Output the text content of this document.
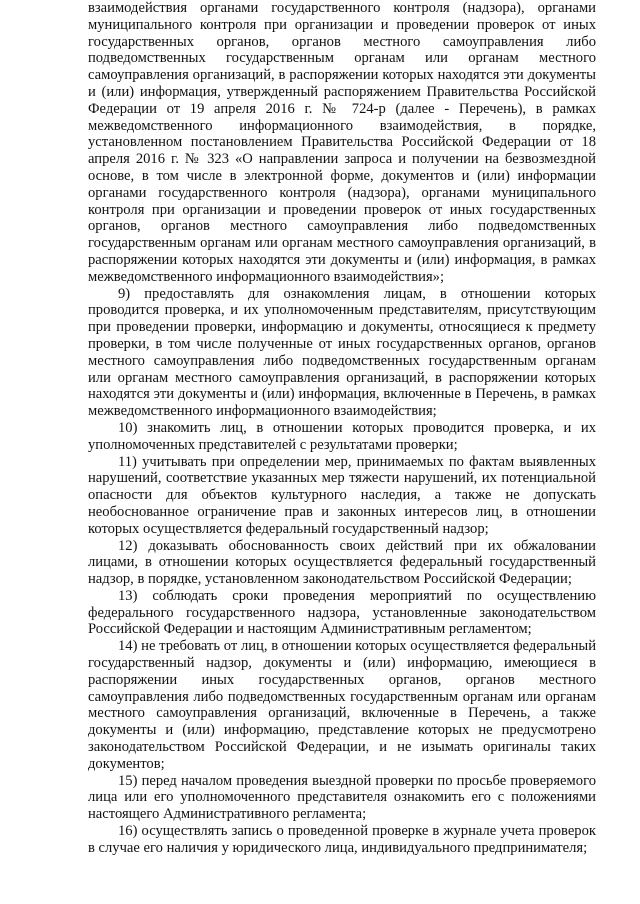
взаимодействия органами государственного контроля (надзора), органами муниципального контроля при организации и проведении проверок от иных государственных органов, органов местного самоуправления либо подведомственных государственным органам или органам местного самоуправления организаций, в распоряжении которых находятся эти документы и (или) информация, утвержденный распоряжением Правительства Российской Федерации от 19 апреля 2016 г. № 724-р (далее - Перечень), в рамках межведомственного информационного взаимодействия, в порядке, установленном постановлением Правительства Российской Федерации от 18 апреля 2016 г. № 323 «О направлении запроса и получении на безвозмездной основе, в том числе в электронной форме, документов и (или) информации органами государственного контроля (надзора), органами муниципального контроля при организации и проведении проверок от иных государственных органов, органов местного самоуправления либо подведомственных государственным органам или органам местного самоуправления организаций, в распоряжении которых находятся эти документы и (или) информация, в рамках межведомственного информационного взаимодействия»;

9) предоставлять для ознакомления лицам, в отношении которых проводится проверка, и их уполномоченным представителям, присутствующим при проведении проверки, информацию и документы, относящиеся к предмету проверки, в том числе полученные от иных государственных органов, органов местного самоуправления либо подведомственных государственным органам или органам местного самоуправления организаций, в распоряжении которых находятся эти документы и (или) информация, включенные в Перечень, в рамках межведомственного информационного взаимодействия;

10) знакомить лиц, в отношении которых проводится проверка, и их уполномоченных представителей с результатами проверки;

11) учитывать при определении мер, принимаемых по фактам выявленных нарушений, соответствие указанных мер тяжести нарушений, их потенциальной опасности для объектов культурного наследия, а также не допускать необоснованное ограничение прав и законных интересов лиц, в отношении которых осуществляется федеральный государственный надзор;

12) доказывать обоснованность своих действий при их обжаловании лицами, в отношении которых осуществляется федеральный государственный надзор, в порядке, установленном законодательством Российской Федерации;

13) соблюдать сроки проведения мероприятий по осуществлению федерального государственного надзора, установленные законодательством Российской Федерации и настоящим Административным регламентом;

14) не требовать от лиц, в отношении которых осуществляется федеральный государственный надзор, документы и (или) информацию, имеющиеся в распоряжении иных государственных органов, органов местного самоуправления либо подведомственных государственным органам или органам местного самоуправления организаций, включенные в Перечень, а также документы и (или) информацию, представление которых не предусмотрено законодательством Российской Федерации, и не изымать оригиналы таких документов;

15) перед началом проведения выездной проверки по просьбе проверяемого лица или его уполномоченного представителя ознакомить его с положениями настоящего Административного регламента;

16) осуществлять запись о проведенной проверке в журнале учета проверок в случае его наличия у юридического лица, индивидуального предпринимателя;
